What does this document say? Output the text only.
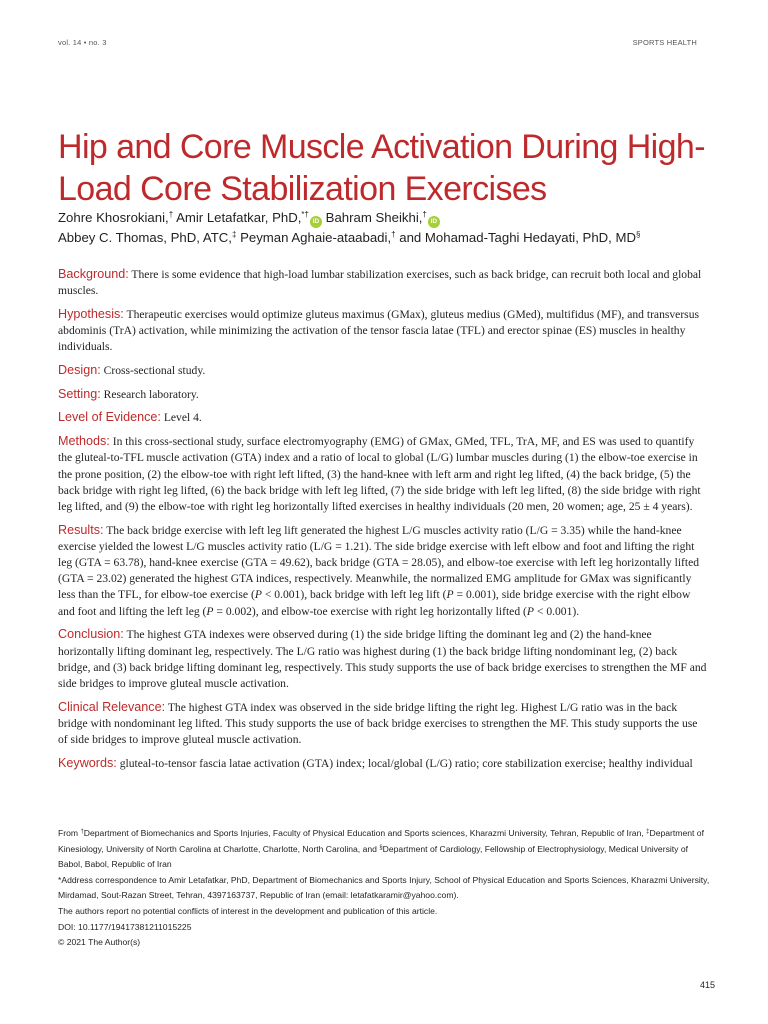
vol. 14 • no. 3	SPORTS HEALTH
Hip and Core Muscle Activation During High-Load Core Stabilization Exercises
Zohre Khosrokiani,† Amir Letafatkar, PhD,*†iD Bahram Sheikhi,†iD
Abbey C. Thomas, PhD, ATC,‡ Peyman Aghaie-ataabadi,† and Mohamad-Taghi Hedayati, PhD, MD§

Background: There is some evidence that high-load lumbar stabilization exercises, such as back bridge, can recruit both local and global muscles.

Hypothesis: Therapeutic exercises would optimize gluteus maximus (GMax), gluteus medius (GMed), multifidus (MF), and transversus abdominis (TrA) activation, while minimizing the activation of the tensor fascia latae (TFL) and erector spinae (ES) muscles in healthy individuals.

Design: Cross-sectional study.

Setting: Research laboratory.

Level of Evidence: Level 4.

Methods: In this cross-sectional study, surface electromyography (EMG) of GMax, GMed, TFL, TrA, MF, and ES was used to quantify the gluteal-to-TFL muscle activation (GTA) index and a ratio of local to global (L/G) lumbar muscles during (1) the elbow-toe exercise in the prone position, (2) the elbow-toe with right left lifted, (3) the hand-knee with left arm and right leg lifted, (4) the back bridge, (5) the back bridge with right leg lifted, (6) the back bridge with left leg lifted, (7) the side bridge with left leg lifted, (8) the side bridge with right leg lifted, and (9) the elbow-toe with right leg horizontally lifted exercises in healthy individuals (20 men, 20 women; age, 25 ± 4 years).

Results: The back bridge exercise with left leg lift generated the highest L/G muscles activity ratio (L/G = 3.35) while the hand-knee exercise yielded the lowest L/G muscles activity ratio (L/G = 1.21). The side bridge exercise with left elbow and foot and lifting the right leg (GTA = 63.78), hand-knee exercise (GTA = 49.62), back bridge (GTA = 28.05), and elbow-toe exercise with left leg horizontally lifted (GTA = 23.02) generated the highest GTA indices, respectively. Meanwhile, the normalized EMG amplitude for GMax was significantly less than the TFL, for elbow-toe exercise (P < 0.001), back bridge with left leg lift (P = 0.001), side bridge exercise with the right elbow and foot and lifting the left leg (P = 0.002), and elbow-toe exercise with right leg horizontally lifted (P < 0.001).

Conclusion: The highest GTA indexes were observed during (1) the side bridge lifting the dominant leg and (2) the hand-knee horizontally lifting dominant leg, respectively. The L/G ratio was highest during (1) the back bridge lifting nondominant leg, (2) back bridge, and (3) back bridge lifting dominant leg, respectively. This study supports the use of back bridge exercises to strengthen the MF and side bridges to improve gluteal muscle activation.

Clinical Relevance: The highest GTA index was observed in the side bridge lifting the right leg. Highest L/G ratio was in the back bridge with nondominant leg lifted. This study supports the use of back bridge exercises to strengthen the MF. This study supports the use of side bridges to improve gluteal muscle activation.

Keywords: gluteal-to-tensor fascia latae activation (GTA) index; local/global (L/G) ratio; core stabilization exercise; healthy individual

From †Department of Biomechanics and Sports Injuries, Faculty of Physical Education and Sports sciences, Kharazmi University, Tehran, Republic of Iran, ‡Department of Kinesiology, University of North Carolina at Charlotte, Charlotte, North Carolina, and §Department of Cardiology, Fellowship of Electrophysiology, Medical University of Babol, Babol, Republic of Iran

*Address correspondence to Amir Letafatkar, PhD, Department of Biomechanics and Sports Injury, School of Physical Education and Sports Sciences, Kharazmi University, Mirdamad, Sout-Razan Street, Tehran, 4397163737, Republic of Iran (email: letafatkaramir@yahoo.com).

The authors report no potential conflicts of interest in the development and publication of this article.

DOI: 10.1177/19417381211015225

© 2021 The Author(s)

415
